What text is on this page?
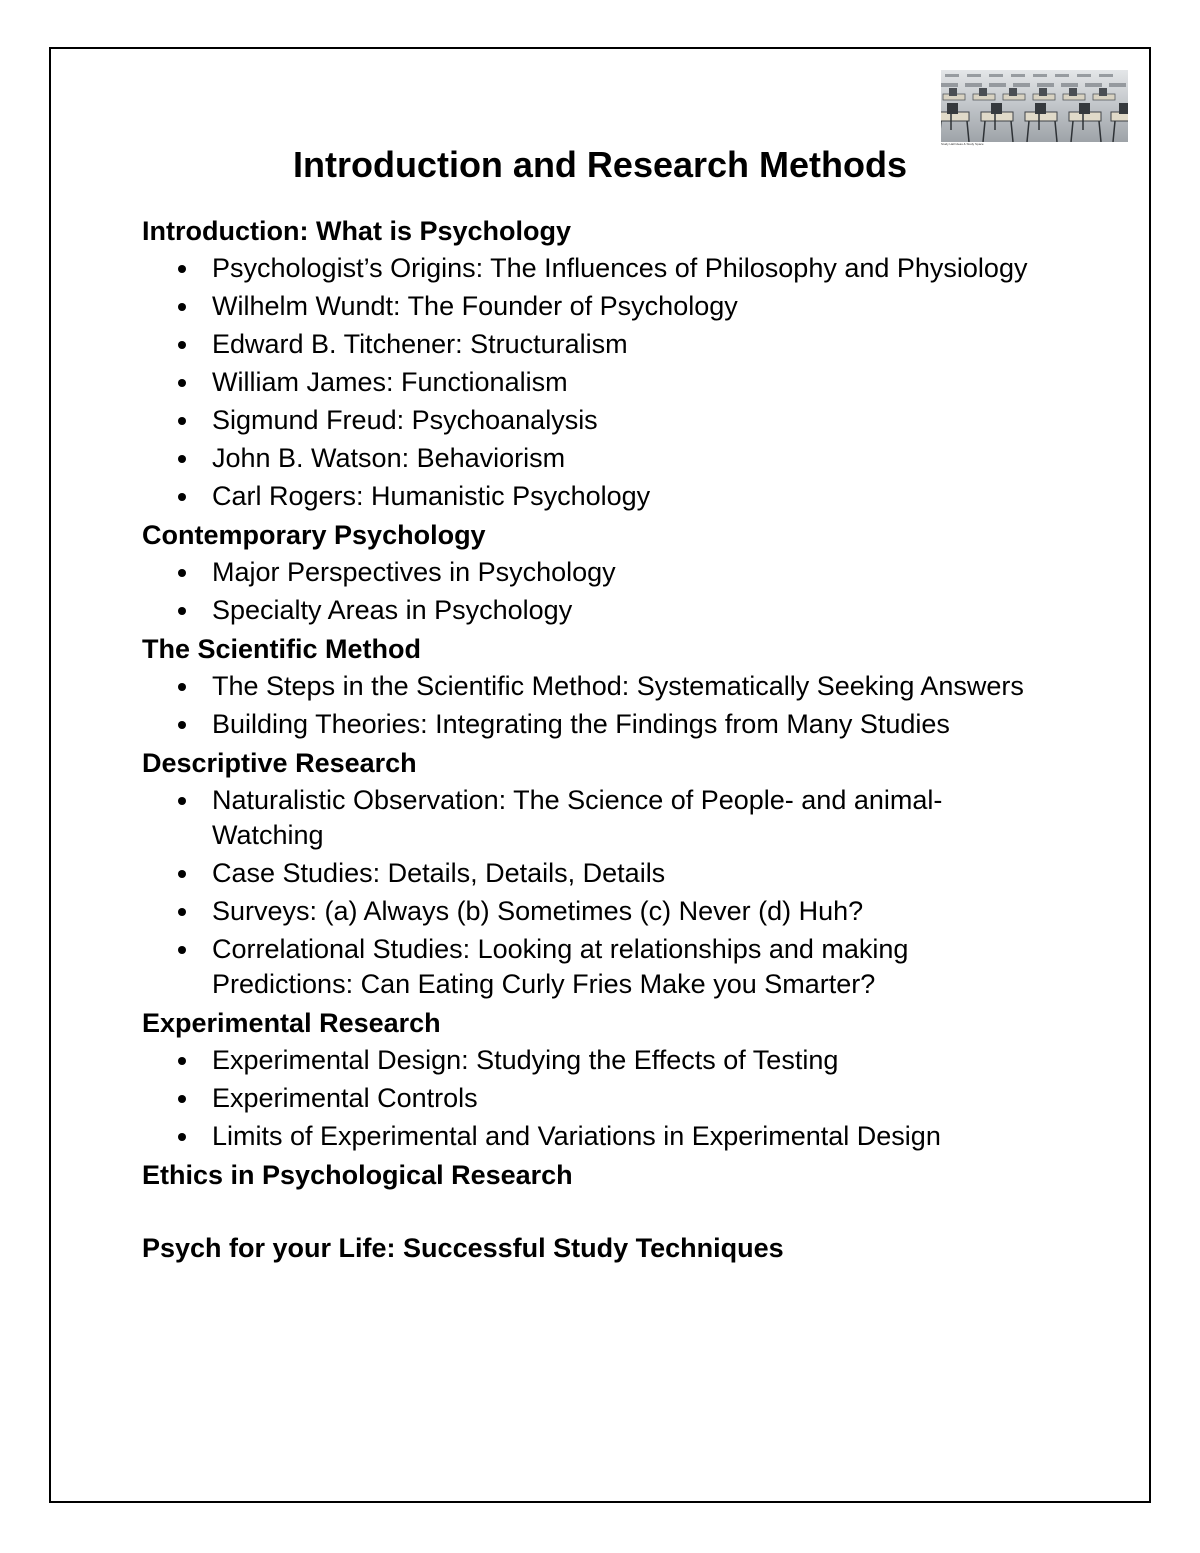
Study Hall Ideas & Study Space
Introduction and Research Methods
Introduction: What is Psychology
Psychologist’s Origins: The Influences of Philosophy and Physiology
Wilhelm Wundt: The Founder of Psychology
Edward B. Titchener: Structuralism
William James: Functionalism
Sigmund Freud: Psychoanalysis
John B. Watson: Behaviorism
Carl Rogers: Humanistic Psychology
Contemporary Psychology
Major Perspectives in Psychology
Specialty Areas in Psychology
The Scientific Method
The Steps in the Scientific Method: Systematically Seeking Answers
Building Theories: Integrating the Findings from Many Studies
Descriptive Research
Naturalistic Observation: The Science of People- and animal-Watching
Case Studies: Details, Details, Details
Surveys: (a) Always (b) Sometimes (c) Never (d) Huh?
Correlational Studies: Looking at relationships and making Predictions: Can Eating Curly Fries Make you Smarter?
Experimental Research
Experimental Design: Studying the Effects of Testing
Experimental Controls
Limits of Experimental and Variations in Experimental Design
Ethics in Psychological Research
Psych for your Life: Successful Study Techniques
